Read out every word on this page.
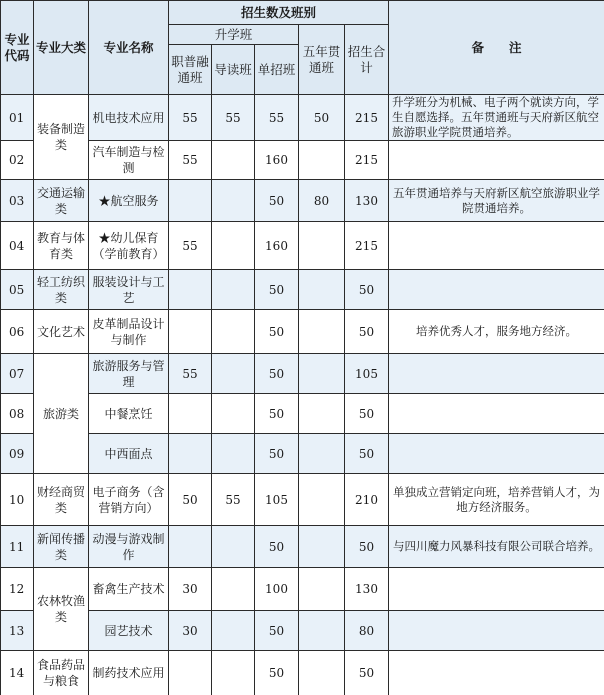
专业代码	专业大类	专业名称	招生数及班别					备　　注
			升学班			五年贯通班	招生合计	
			职普融通班	导读班	单招班			
01	装备制造类	机电技术应用	55	55	55	50	215	升学班分为机械、电子两个就读方向，学生自愿选择。五年贯通班与天府新区航空旅游职业学院贯通培养。
02		汽车制造与检测	55		160		215	
03	交通运输类	★航空服务			50	80	130	五年贯通培养与天府新区航空旅游职业学院贯通培养。
04	教育与体育类	★幼儿保育（学前教育）	55		160		215	
05	轻工纺织类	服装设计与工艺			50		50	
06	文化艺术	皮革制品设计与制作			50		50	培养优秀人才，服务地方经济。
07	旅游类	旅游服务与管理	55		50		105	
08		中餐烹饪			50		50	
09		中西面点			50		50	
10	财经商贸类	电子商务（含营销方向）	50	55	105		210	单独成立营销定向班，培养营销人才，为地方经济服务。
11	新闻传播类	动漫与游戏制作			50		50	与四川魔力风暴科技有限公司联合培养。
12	农林牧渔类	畜禽生产技术	30		100		130	
13		园艺技术	30		50		80	
14	食品药品与粮食	制药技术应用			50		50	
